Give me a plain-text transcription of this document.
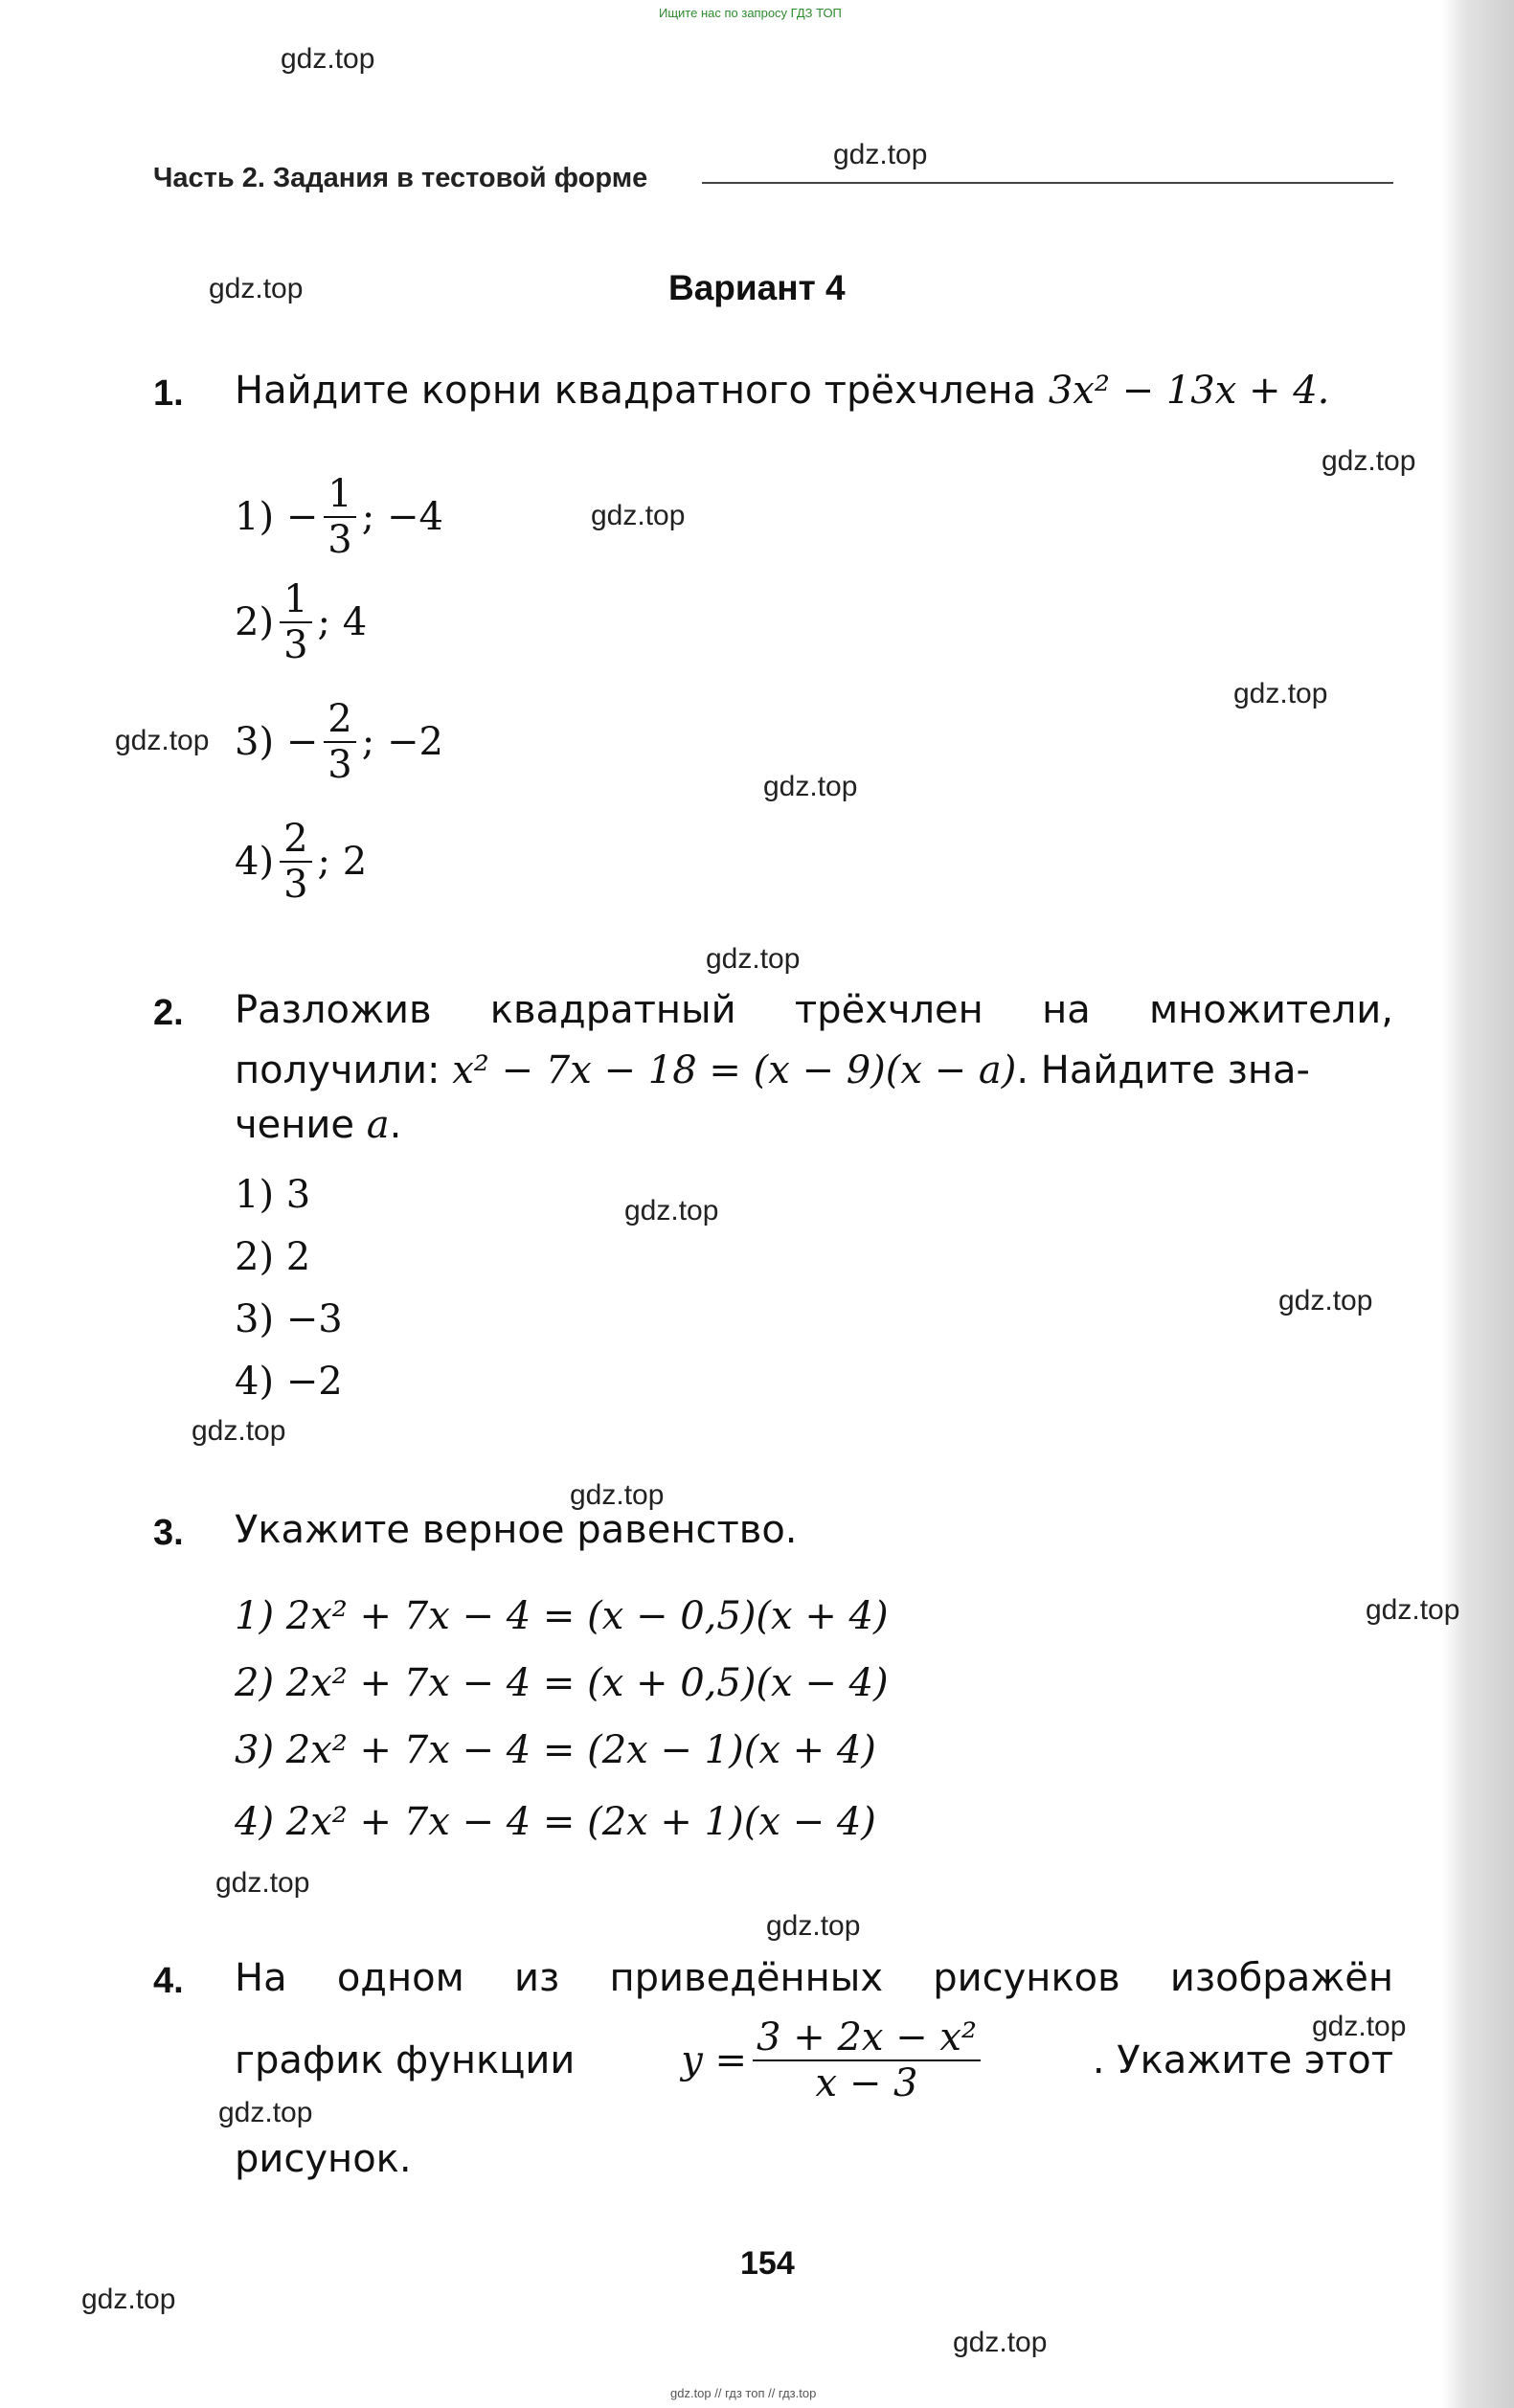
Ищите нас по запросу ГДЗ ТОП
gdz.top
gdz.top
gdz.top
gdz.top
gdz.top
gdz.top
gdz.top
gdz.top
gdz.top
gdz.top
gdz.top
gdz.top
gdz.top
gdz.top
gdz.top
gdz.top
gdz.top
gdz.top
gdz.top
gdz.top
Часть 2. Задания в тестовой форме
Вариант 4
1. Найдите корни квадратного трёхчлена 3x² − 13x + 4.
1)
− $\frac{1}{3}$ ; −4
$2) \frac{1}{3}$ ; 4
3)
− $\frac{2}{3}$ ; −2
$4) \frac{2}{3}$ ; 2
2. Разложив квадратный трёхчлен на множители,
получили: x² − 7x − 18 = (x − 9)(x − a). Найдите зна-
чение a.
1) 3
2) 2
3) −3
4) −2
3. Укажите верное равенство.
1) 2x² + 7x − 4 = (x − 0,5)(x + 4)
2) 2x² + 7x − 4 = (x + 0,5)(x − 4)
3) 2x² + 7x − 4 = (2x − 1)(x + 4)
4) 2x² + 7x − 4 = (2x + 1)(x − 4)
4. На одном из приведённых рисунков изображён
график функции	$y = \frac{\text{3 + 2x − x²}}{x - 3}$	. Укажите этот
рисунок.
154
gdz.top // гдз топ // гдз.top
